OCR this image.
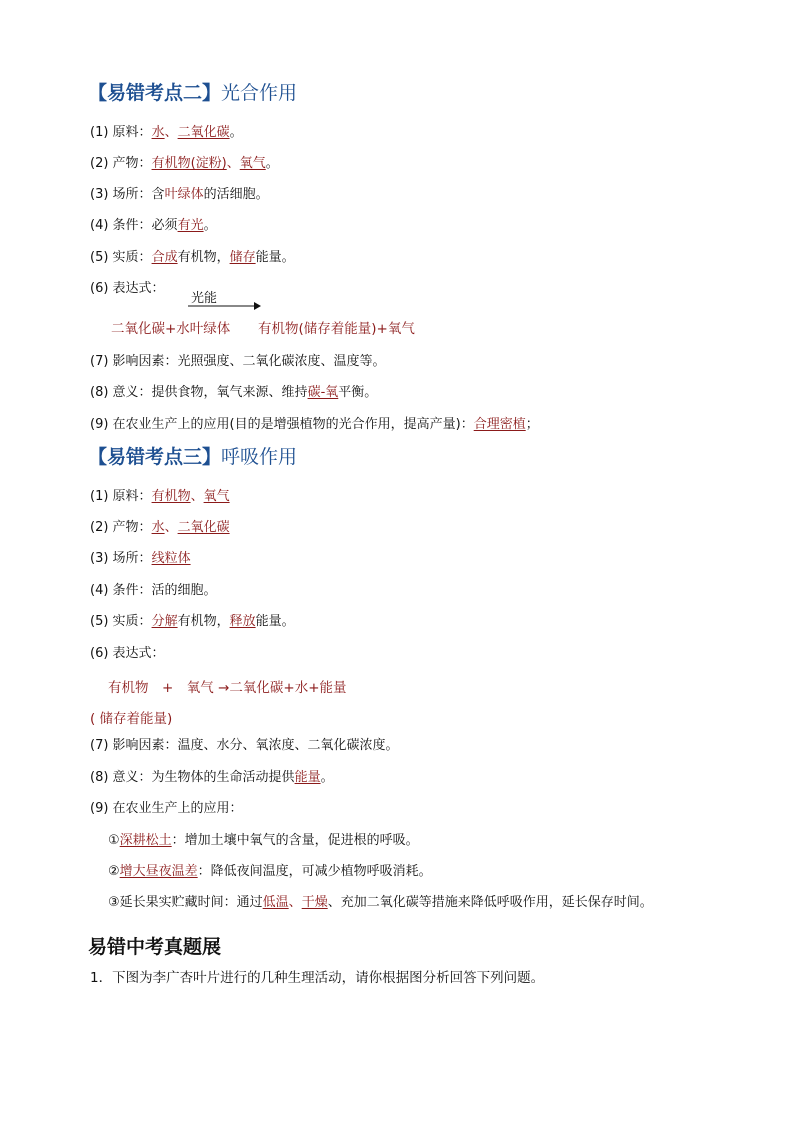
【易错考点二】光合作用
(1) 原料：水、二氧化碳。
(2) 产物：有机物(淀粉)、氧气。
(3) 场所：含叶绿体的活细胞。
(4) 条件：必须有光。
(5) 实质：合成有机物，储存能量。
(6) 表达式：
光能
二氧化碳+水叶绿体 有机物(储存着能量)+氧气
(7) 影响因素：光照强度、二氧化碳浓度、温度等。
(8) 意义：提供食物，氧气来源、维持碳-氧平衡。
(9) 在农业生产上的应用(目的是增强植物的光合作用，提高产量)：合理密植；
【易错考点三】呼吸作用
(1) 原料：有机物、氧气
(2) 产物：水、二氧化碳
(3) 场所：线粒体
(4) 条件：活的细胞。
(5) 实质：分解有机物，释放能量。
(6) 表达式：
有机物　+　氧气 →二氧化碳+水+能量
( 储存着能量)
(7) 影响因素：温度、水分、氧浓度、二氧化碳浓度。
(8) 意义：为生物体的生命活动提供能量。
(9) 在农业生产上的应用：
①深耕松土：增加土壤中氧气的含量，促进根的呼吸。
②增大昼夜温差：降低夜间温度，可减少植物呼吸消耗。
③延长果实贮藏时间：通过低温、干燥、充加二氧化碳等措施来降低呼吸作用，延长保存时间。
易错中考真题展
1．下图为李广杏叶片进行的几种生理活动，请你根据图分析回答下列问题。
